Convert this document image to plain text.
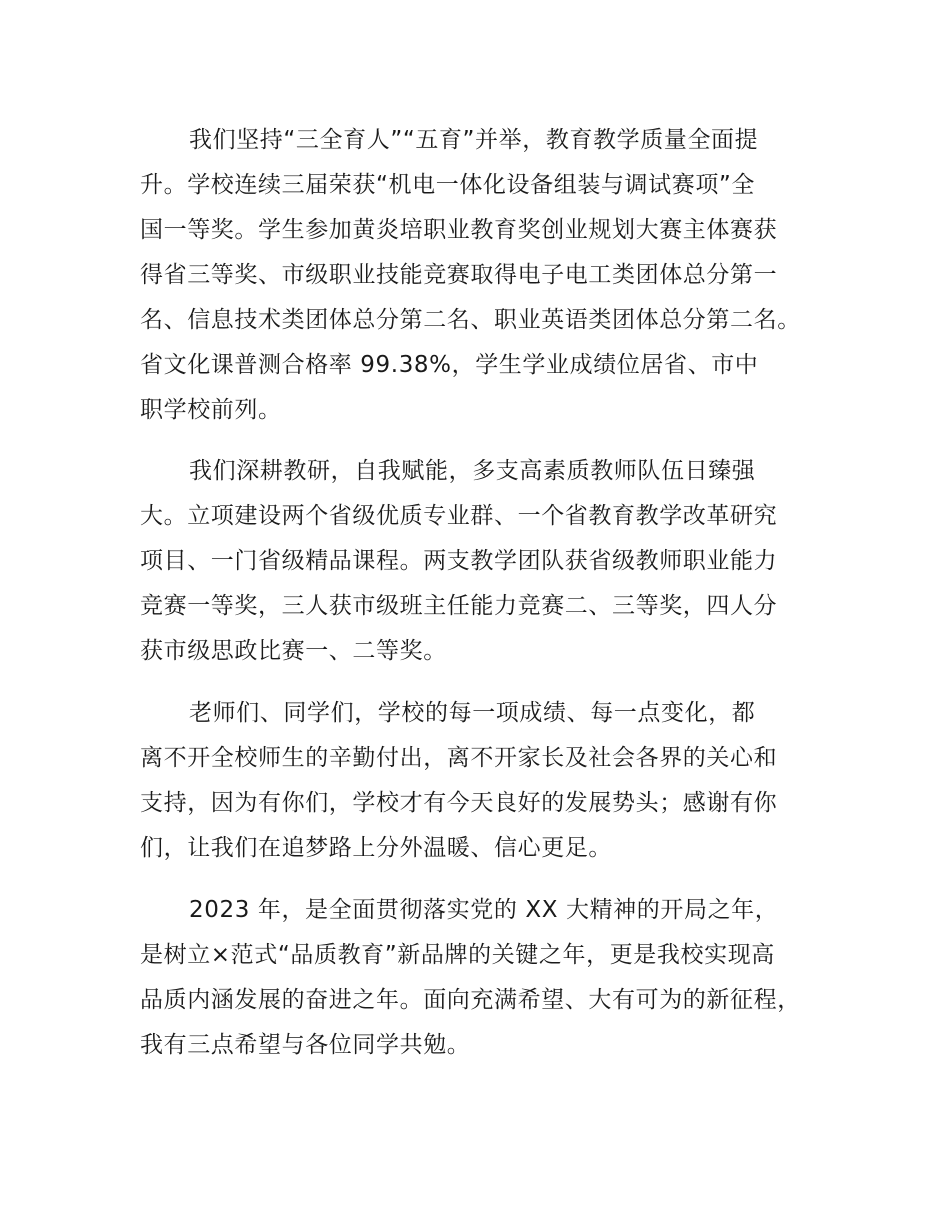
我们坚持“三全育人”“五育”并举，教育教学质量全面提
升。学校连续三届荣获“机电一体化设备组装与调试赛项”全
国一等奖。学生参加黄炎培职业教育奖创业规划大赛主体赛获
得省三等奖、市级职业技能竞赛取得电子电工类团体总分第一
名、信息技术类团体总分第二名、职业英语类团体总分第二名。
省文化课普测合格率 99.38%，学生学业成绩位居省、市中
职学校前列。

我们深耕教研，自我赋能，多支高素质教师队伍日臻强
大。立项建设两个省级优质专业群、一个省教育教学改革研究
项目、一门省级精品课程。两支教学团队获省级教师职业能力
竞赛一等奖，三人获市级班主任能力竞赛二、三等奖，四人分
获市级思政比赛一、二等奖。

老师们、同学们，学校的每一项成绩、每一点变化，都
离不开全校师生的辛勤付出，离不开家长及社会各界的关心和
支持，因为有你们，学校才有今天良好的发展势头；感谢有你
们，让我们在追梦路上分外温暖、信心更足。

2023 年，是全面贯彻落实党的 XX 大精神的开局之年，
是树立×范式“品质教育”新品牌的关键之年，更是我校实现高
品质内涵发展的奋进之年。面向充满希望、大有可为的新征程，
我有三点希望与各位同学共勉。
